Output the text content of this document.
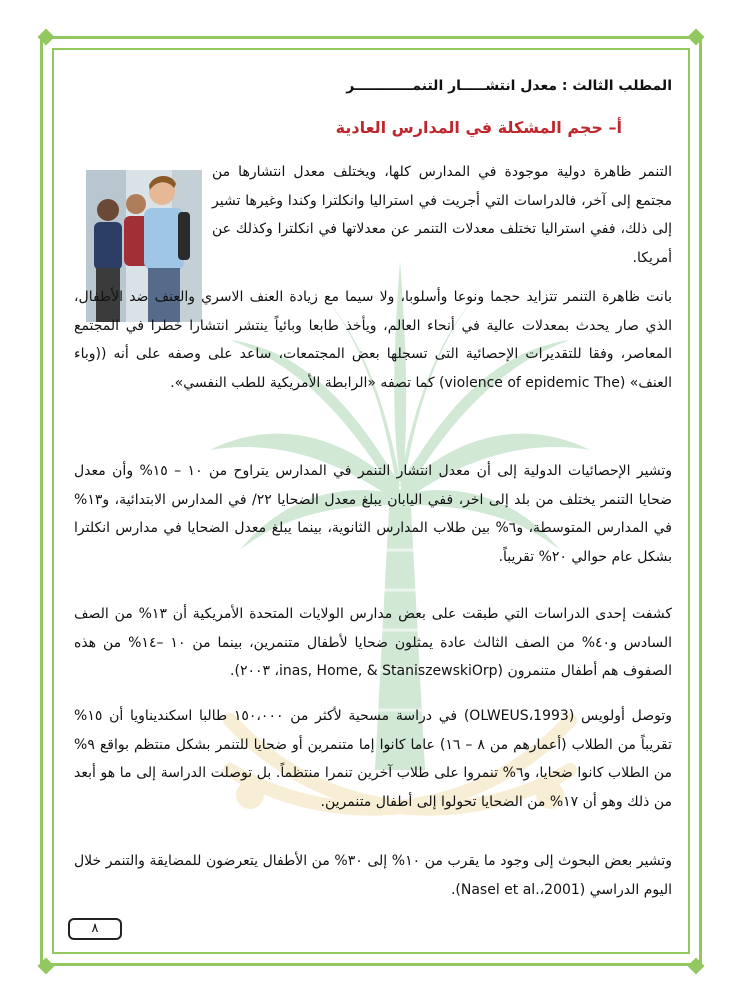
المطلب الثالث : معدل انتشـــــار التنمــــــــــــر
أ– حجم المشكلة في المدارس العادية

التنمر ظاهرة دولية موجودة في المدارس كلها، ويختلف معدل انتشارها من مجتمع إلى آخر، فالدراسات التي أجريت في استراليا وانكلترا وكندا وغيرها تشير إلى ذلك، ففي استراليا تختلف معدلات التنمر عن معدلاتها في انكلترا وكذلك عن أمريكا.

بانت ظاهرة التنمر تتزايد حجما ونوعا وأسلوبا، ولا سيما مع زيادة العنف الاسري والعنف ضد الأطفال، الذي صار يحدث بمعدلات عالية في أنحاء العالم، ويأخذ طابعا وبائياً ينتشر انتشارا خطرا في المجتمع المعاصر، وفقا للتقديرات الإحصائية التى تسجلها بعض المجتمعات، ساعد على وصفه على أنه ((وباء العنف» (violence of epidemic The) كما تصفه «الرابطة الأمريكية للطب النفسي».

وتشير الإحصائيات الدولية إلى أن معدل انتشار التنمر في المدارس يتراوح من ١٠ – ١٥% وأن معدل ضحايا التنمر يختلف من بلد إلى اخر، ففي اليابان يبلغ معدل الضحايا ٢٢/ في المدارس الابتدائية، و١٣% في المدارس المتوسطة، و٦% بين طلاب المدارس الثانوية، بينما يبلغ معدل الضحايا في مدارس انكلترا بشكل عام حوالي ٢٠% تقريباً.

كشفت إحدى الدراسات التي طبقت على بعض مدارس الولايات المتحدة الأمريكية أن ١٣% من الصف السادس و٤٠% من الصف الثالث عادة يمثلون ضحايا لأطفال متنمرين، بينما من ١٠ –١٤% من هذه الصفوف هم أطفال متنمرون (inas, Home, & StaniszewskiOrp، ٢٠٠٣).

وتوصل أولويس (OLWEUS،1993) في دراسة مسحية لأكثر من ١٥٠،٠٠٠ طالبا اسكنديناويا أن ١٥% تقريباً من الطلاب (أعمارهم من ٨ – ١٦) عاما كانوا إما متنمرين أو ضحايا للتنمر بشكل منتظم بواقع ٩% من الطلاب كانوا ضحايا، و٦% تنمروا على طلاب آخرين تنمرا منتظماً. بل توصلت الدراسة إلى ما هو أبعد من ذلك وهو أن ١٧% من الضحايا تحولوا إلى أطفال متنمرين.

وتشير بعض البحوث إلى وجود ما يقرب من ١٠% إلى ٣٠% من الأطفال يتعرضون للمضايقة والتنمر خلال اليوم الدراسي (Nasel et al.،2001).

٨
